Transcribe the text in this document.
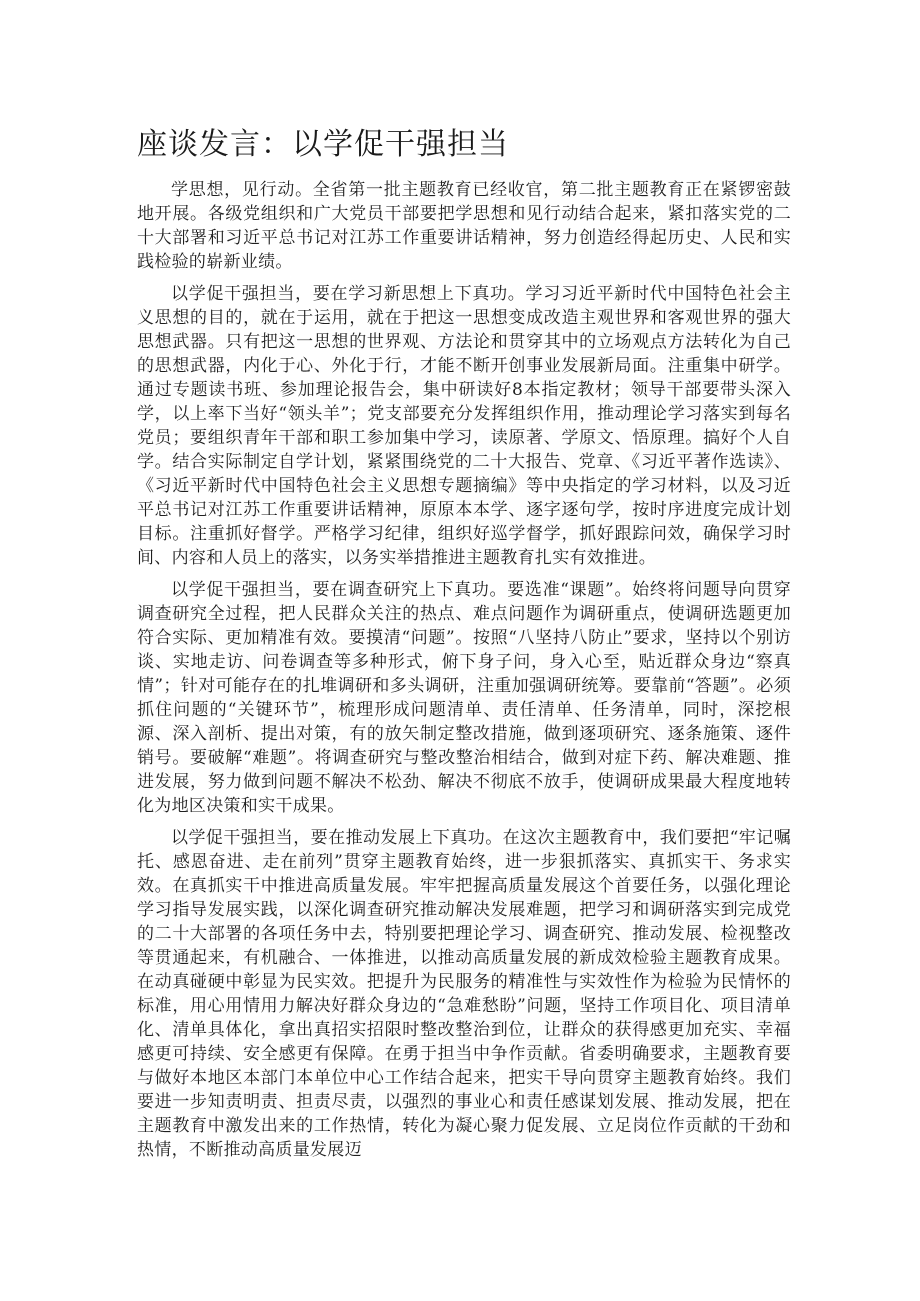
座谈发言：以学促干强担当

学思想，见行动。全省第一批主题教育已经收官，第二批主题教育正在紧锣密鼓地开展。各级党组织和广大党员干部要把学思想和见行动结合起来，紧扣落实党的二十大部署和习近平总书记对江苏工作重要讲话精神，努力创造经得起历史、人民和实践检验的崭新业绩。

以学促干强担当，要在学习新思想上下真功。学习习近平新时代中国特色社会主义思想的目的，就在于运用，就在于把这一思想变成改造主观世界和客观世界的强大思想武器。只有把这一思想的世界观、方法论和贯穿其中的立场观点方法转化为自己的思想武器，内化于心、外化于行，才能不断开创事业发展新局面。注重集中研学。通过专题读书班、参加理论报告会，集中研读好8本指定教材；领导干部要带头深入学，以上率下当好“领头羊”；党支部要充分发挥组织作用，推动理论学习落实到每名党员；要组织青年干部和职工参加集中学习，读原著、学原文、悟原理。搞好个人自学。结合实际制定自学计划，紧紧围绕党的二十大报告、党章、《习近平著作选读》、《习近平新时代中国特色社会主义思想专题摘编》等中央指定的学习材料，以及习近平总书记对江苏工作重要讲话精神，原原本本学、逐字逐句学，按时序进度完成计划目标。注重抓好督学。严格学习纪律，组织好巡学督学，抓好跟踪问效，确保学习时间、内容和人员上的落实，以务实举措推进主题教育扎实有效推进。

以学促干强担当，要在调查研究上下真功。要选准“课题”。始终将问题导向贯穿调查研究全过程，把人民群众关注的热点、难点问题作为调研重点，使调研选题更加符合实际、更加精准有效。要摸清“问题”。按照“八坚持八防止”要求，坚持以个别访谈、实地走访、问卷调查等多种形式，俯下身子问，身入心至，贴近群众身边“察真情”；针对可能存在的扎堆调研和多头调研，注重加强调研统筹。要靠前“答题”。必须抓住问题的“关键环节”，梳理形成问题清单、责任清单、任务清单，同时，深挖根源、深入剖析、提出对策，有的放矢制定整改措施，做到逐项研究、逐条施策、逐件销号。要破解“难题”。将调查研究与整改整治相结合，做到对症下药、解决难题、推进发展，努力做到问题不解决不松劲、解决不彻底不放手，使调研成果最大程度地转化为地区决策和实干成果。

以学促干强担当，要在推动发展上下真功。在这次主题教育中，我们要把“牢记嘱托、感恩奋进、走在前列”贯穿主题教育始终，进一步狠抓落实、真抓实干、务求实效。在真抓实干中推进高质量发展。牢牢把握高质量发展这个首要任务，以强化理论学习指导发展实践，以深化调查研究推动解决发展难题，把学习和调研落实到完成党的二十大部署的各项任务中去，特别要把理论学习、调查研究、推动发展、检视整改等贯通起来，有机融合、一体推进，以推动高质量发展的新成效检验主题教育成果。在动真碰硬中彰显为民实效。把提升为民服务的精准性与实效性作为检验为民情怀的标准，用心用情用力解决好群众身边的“急难愁盼”问题，坚持工作项目化、项目清单化、清单具体化，拿出真招实招限时整改整治到位，让群众的获得感更加充实、幸福感更可持续、安全感更有保障。在勇于担当中争作贡献。省委明确要求，主题教育要与做好本地区本部门本单位中心工作结合起来，把实干导向贯穿主题教育始终。我们要进一步知责明责、担责尽责，以强烈的事业心和责任感谋划发展、推动发展，把在主题教育中激发出来的工作热情，转化为凝心聚力促发展、立足岗位作贡献的干劲和热情，不断推动高质量发展迈
